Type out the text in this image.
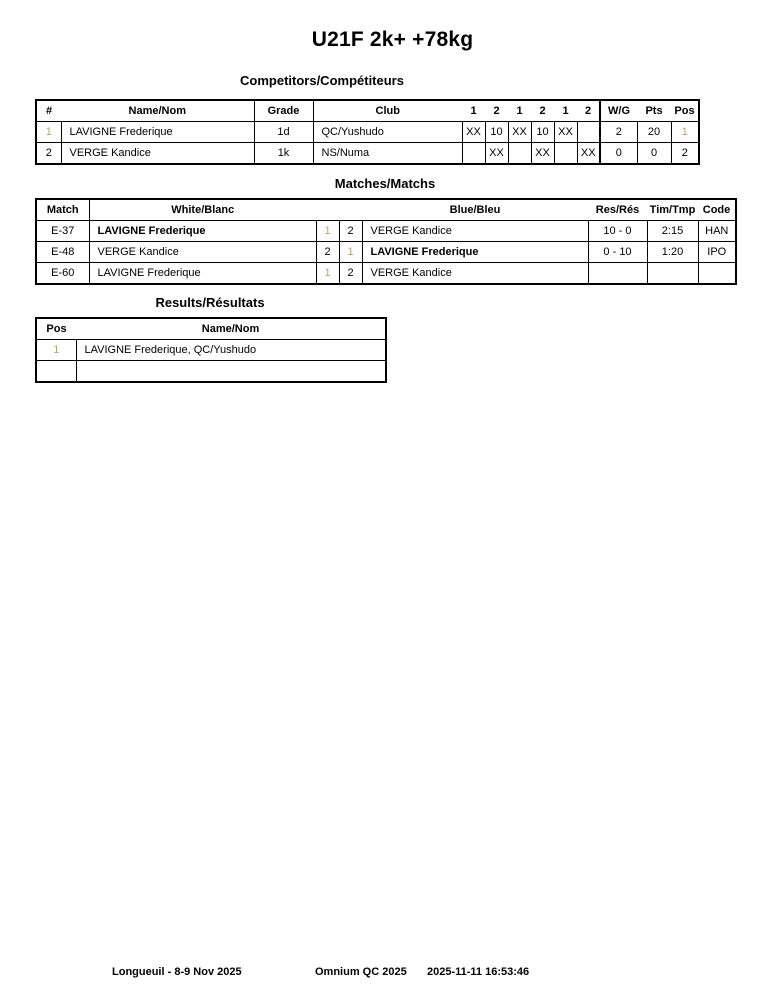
U21F 2k+ +78kg
Competitors/Compétiteurs
#	Name/Nom	Grade	Club	1	2	1	2	1	2	W/G	Pts	Pos
1	LAVIGNE Frederique	1d	QC/Yushudo	XX	10	XX	10	XX		2	20	1
2	VERGE Kandice	1k	NS/Numa		XX		XX		XX	0	0	2
Matches/Matchs
Match	White/Blanc			Blue/Bleu	Res/Rés	Tim/Tmp	Code
E-37	LAVIGNE Frederique	1	2	VERGE Kandice	10 - 0	2:15	HAN
E-48	VERGE Kandice	2	1	LAVIGNE Frederique	0 - 10	1:20	IPO
E-60	LAVIGNE Frederique	1	2	VERGE Kandice			
Results/Résultats
Pos	Name/Nom
1	LAVIGNE Frederique, QC/Yushudo

Longueuil - 8-9 Nov 2025	Omnium QC 2025 2025-11-11 16:53:46
